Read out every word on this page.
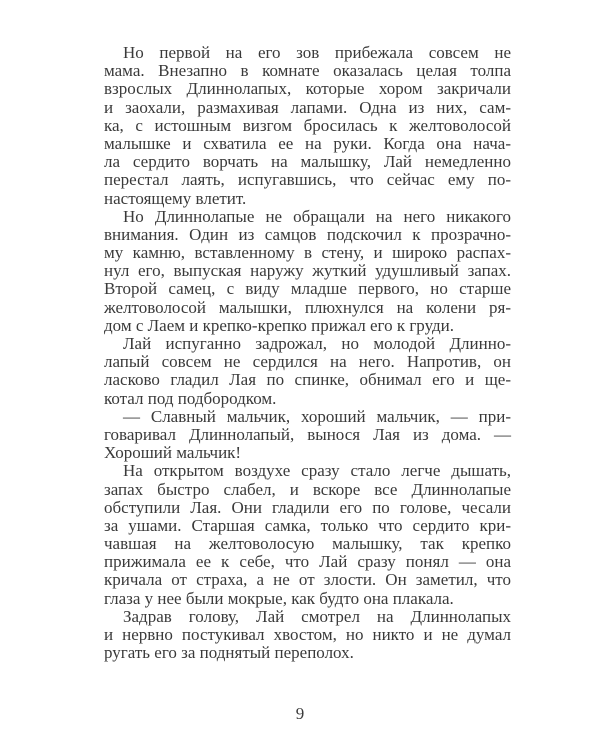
Но первой на его зов прибежала совсем не
мама. Внезапно в комнате оказалась целая толпа
взрослых Длиннолапых, которые хором закричали
и заохали, размахивая лапами. Одна из них, сам-
ка, с истошным визгом бросилась к желтоволосой
малышке и схватила ее на руки. Когда она нача-
ла сердито ворчать на малышку, Лай немедленно
перестал лаять, испугавшись, что сейчас ему по-
настоящему влетит.
Но Длиннолапые не обращали на него никакого
внимания. Один из самцов подскочил к прозрачно-
му камню, вставленному в стену, и широко распах-
нул его, выпуская наружу жуткий удушливый запах.
Второй самец, с виду младше первого, но старше
желтоволосой малышки, плюхнулся на колени ря-
дом с Лаем и крепко-крепко прижал его к груди.
Лай испуганно задрожал, но молодой Длинно-
лапый совсем не сердился на него. Напротив, он
ласково гладил Лая по спинке, обнимал его и ще-
котал под подбородком.
— Славный мальчик, хороший мальчик, — при-
говаривал Длиннолапый, вынося Лая из дома. —
Хороший мальчик!
На открытом воздухе сразу стало легче дышать,
запах быстро слабел, и вскоре все Длиннолапые
обступили Лая. Они гладили его по голове, чесали
за ушами. Старшая самка, только что сердито кри-
чавшая на желтоволосую малышку, так крепко
прижимала ее к себе, что Лай сразу понял — она
кричала от страха, а не от злости. Он заметил, что
глаза у нее были мокрые, как будто она плакала.
Задрав голову, Лай смотрел на Длиннолапых
и нервно постукивал хвостом, но никто и не думал
ругать его за поднятый переполох.
9
